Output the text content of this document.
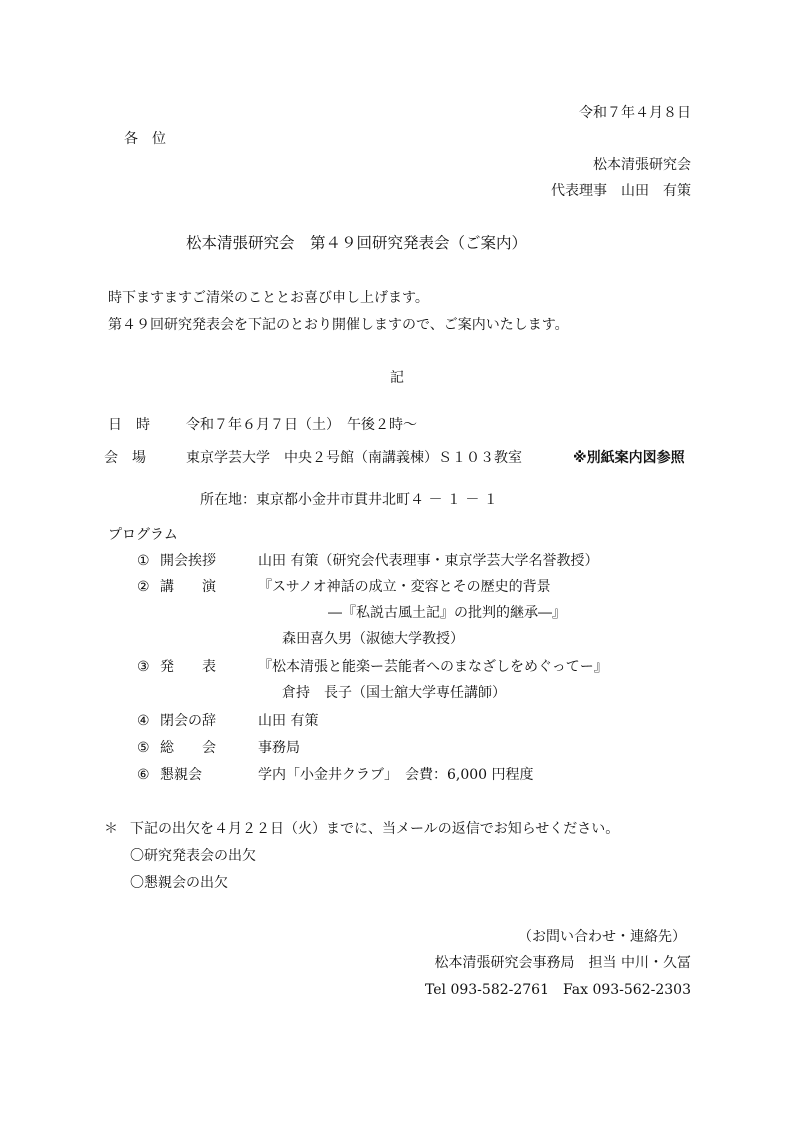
令和７年４月８日
各　位
松本清張研究会
代表理事　山田　有策
松本清張研究会　第４９回研究発表会（ご案内）
時下ますますご清栄のこととお喜び申し上げます。
第４９回研究発表会を下記のとおり開催しますので、ご案内いたします。
記
日　時	令和７年６月７日（土）　午後２時～
会　場	東京学芸大学　中央２号館（南講義棟）Ｓ１０３教室	※別紙案内図参照
所在地：東京都小金井市貫井北町４ － １ － １
プログラム
① 開会挨拶	山田 有策（研究会代表理事・東京学芸大学名誉教授）
② 講　　演	『スサノオ神話の成立・変容とその歴史的背景
―『私説古風土記』の批判的継承―』
森田喜久男（淑徳大学教授）
③ 発　　表	『松本清張と能楽ー芸能者へのまなざしをめぐってー』
倉持　長子（国士舘大学専任講師）
④ 閉会の辞	山田 有策
⑤ 総　　会	事務局
⑥ 懇親会	学内「小金井クラブ」　会費：6,000 円程度
＊ 下記の出欠を４月２２日（火）までに、当メールの返信でお知らせください。
〇研究発表会の出欠
〇懇親会の出欠
（お問い合わせ・連絡先）
松本清張研究会事務局　担当 中川・久冨
Tel 093-582-2761　Fax 093-562-2303
